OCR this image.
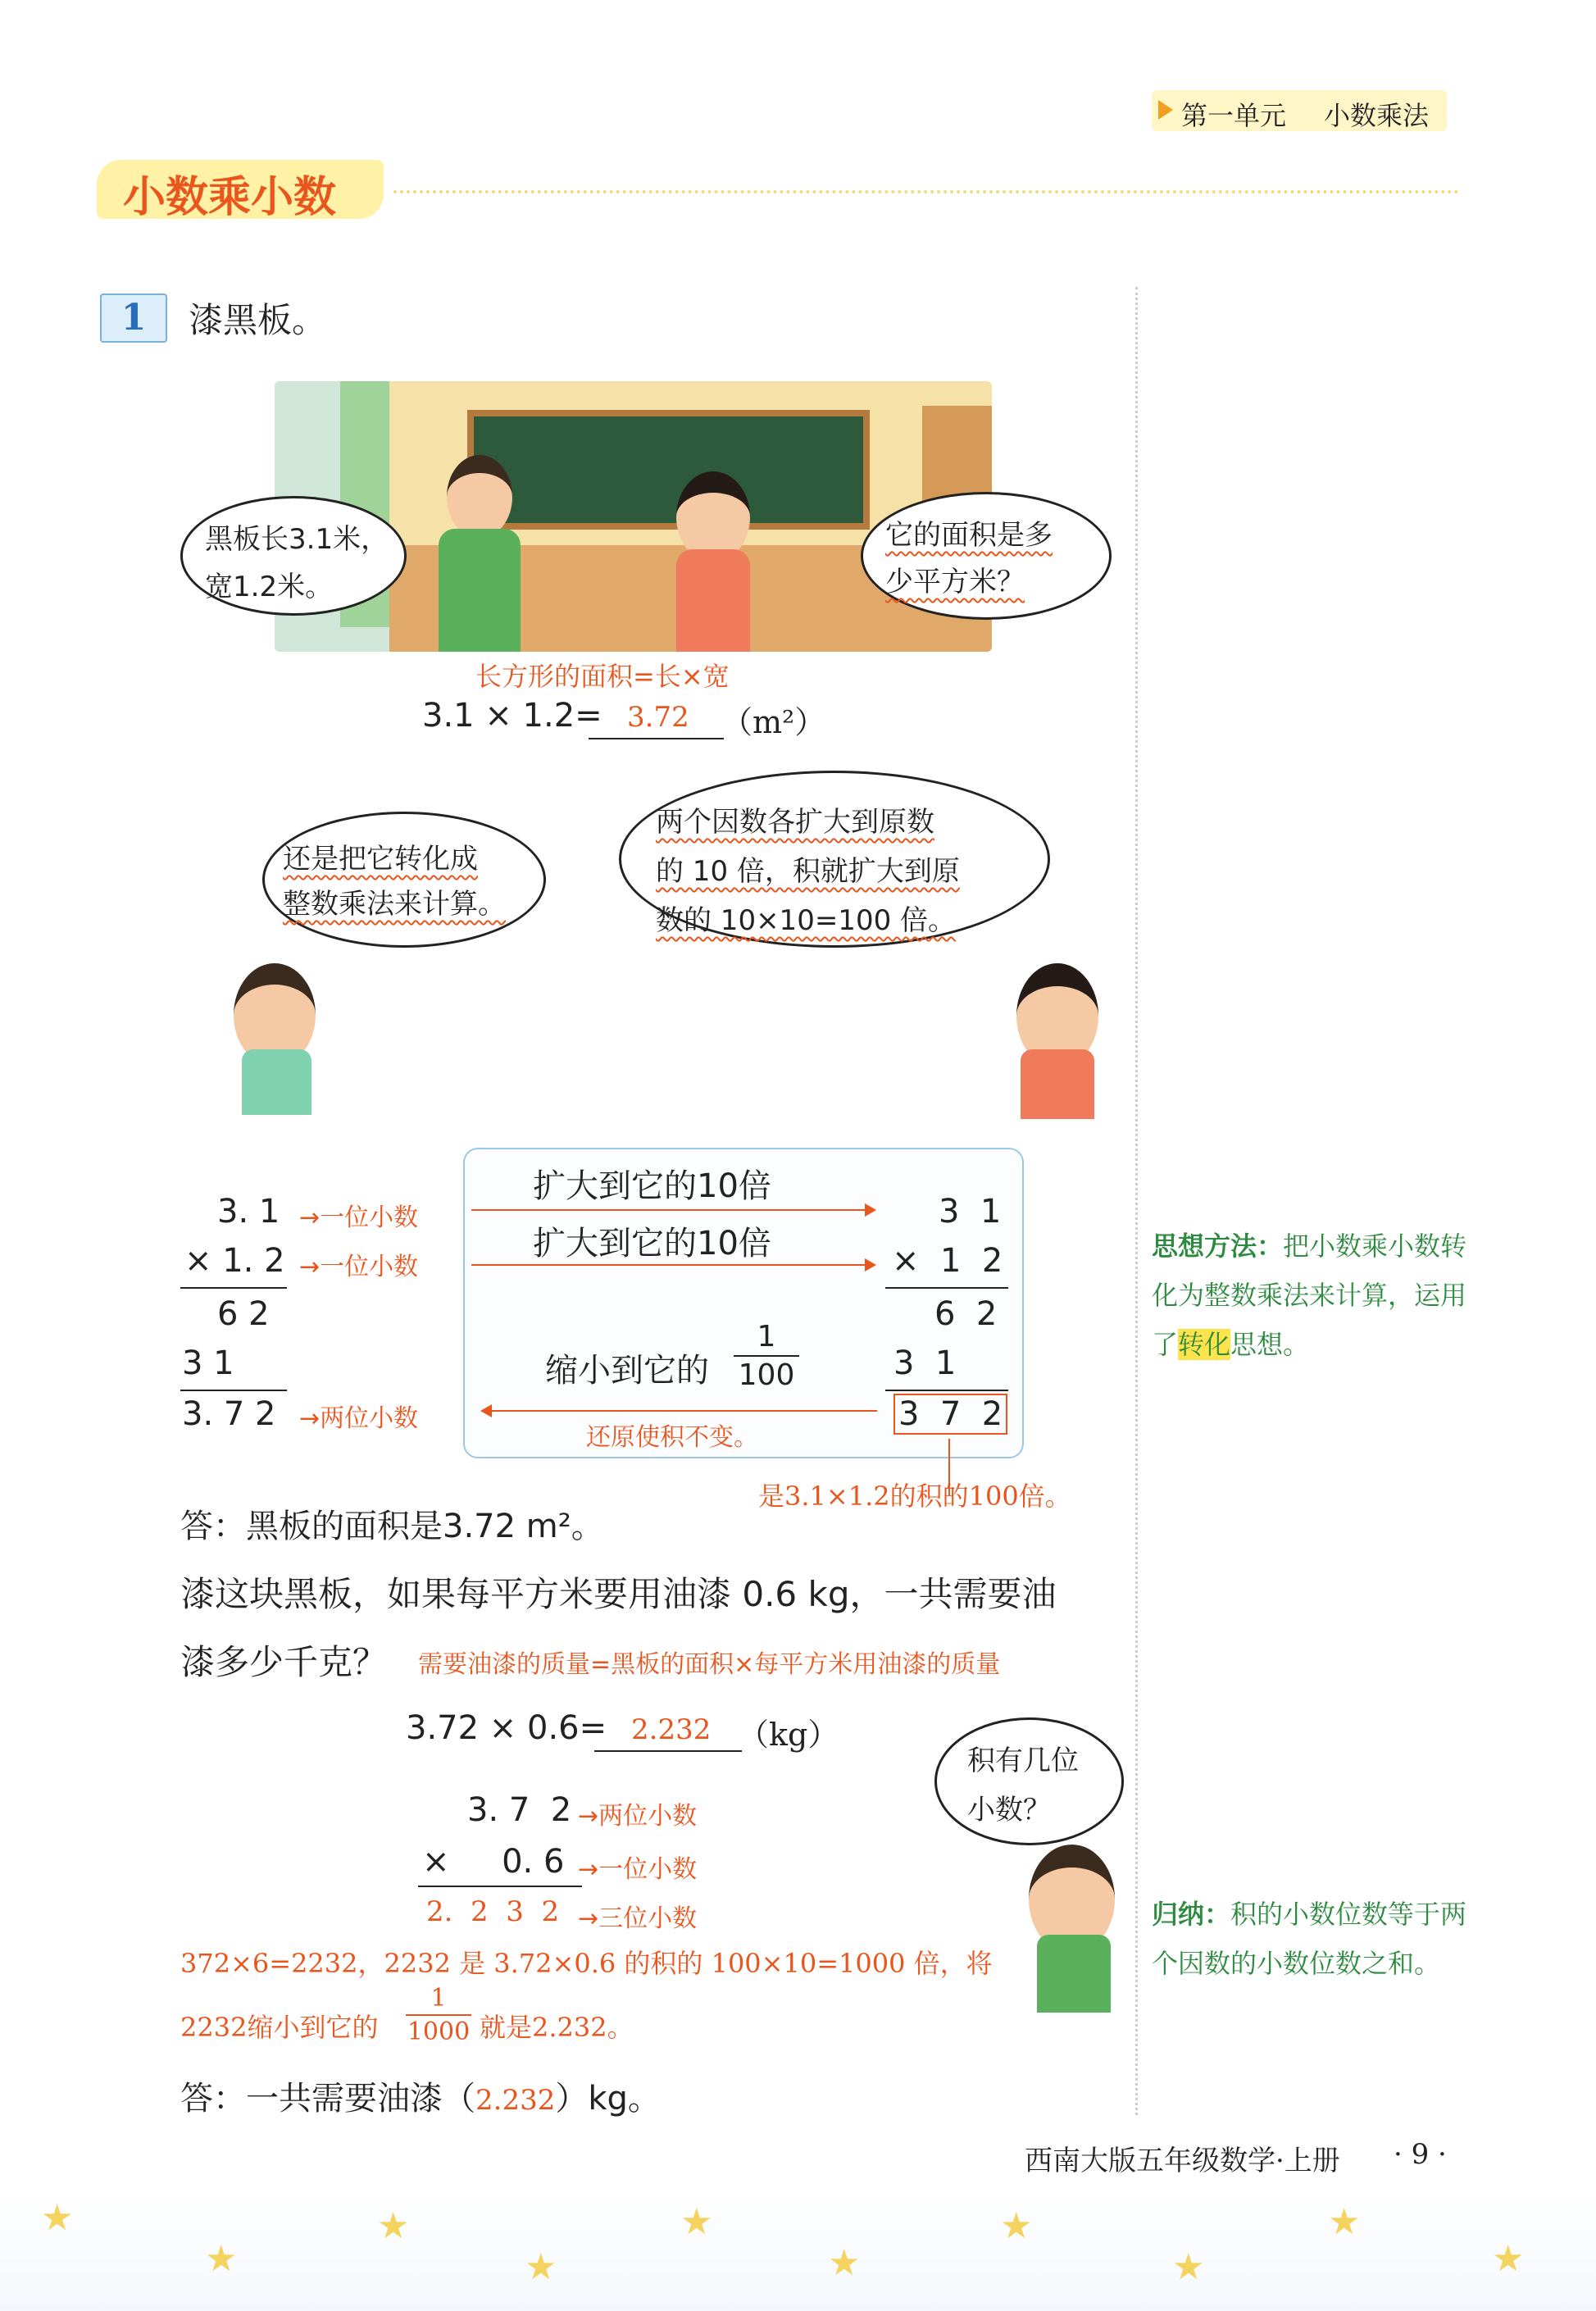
第一单元 小数乘法
小数乘小数
1	漆黑板。
黑板长3.1米，
宽1.2米。
它的面积是多
少平方米？
长方形的面积=长×宽
3.1 × 1.2= 3.72 （m²）
还是把它转化成
整数乘法来计算。
两个因数各扩大到原数
的 10 倍，积就扩大到原
数的 10×10=100 倍。
3. 1
× 1. 2
6 2
3 1
3. 7 2
→一位小数
→一位小数
→两位小数
扩大到它的10倍
扩大到它的10倍
缩小到它的
1
100
还原使积不变。
3  1
×  1  2
6  2
3  1
3  7  2
是3.1×1.2的积的100倍。
答：黑板的面积是3.72 m²。
漆这块黑板，如果每平方米要用油漆 0.6 kg，一共需要油
漆多少千克？ 需要油漆的质量=黑板的面积×每平方米用油漆的质量
3.72 × 0.6= 2.232 （kg）
3. 7  2
×     0. 6
2.  2  3  2
→两位小数
→一位小数
→三位小数
372×6=2232，2232 是 3.72×0.6 的积的 100×10=1000 倍，将
2232缩小到它的
1
1000 就是2.232。
答：一共需要油漆（2.232）kg。
积有几位
小数？
思想方法：把小数乘小数转化为整数乘法来计算，运用了转化思想。
归纳：积的小数位数等于两个因数的小数位数之和。
西南大版五年级数学·上册 · 9 ·
★
★
★
★
★
★
★
★
★
★
